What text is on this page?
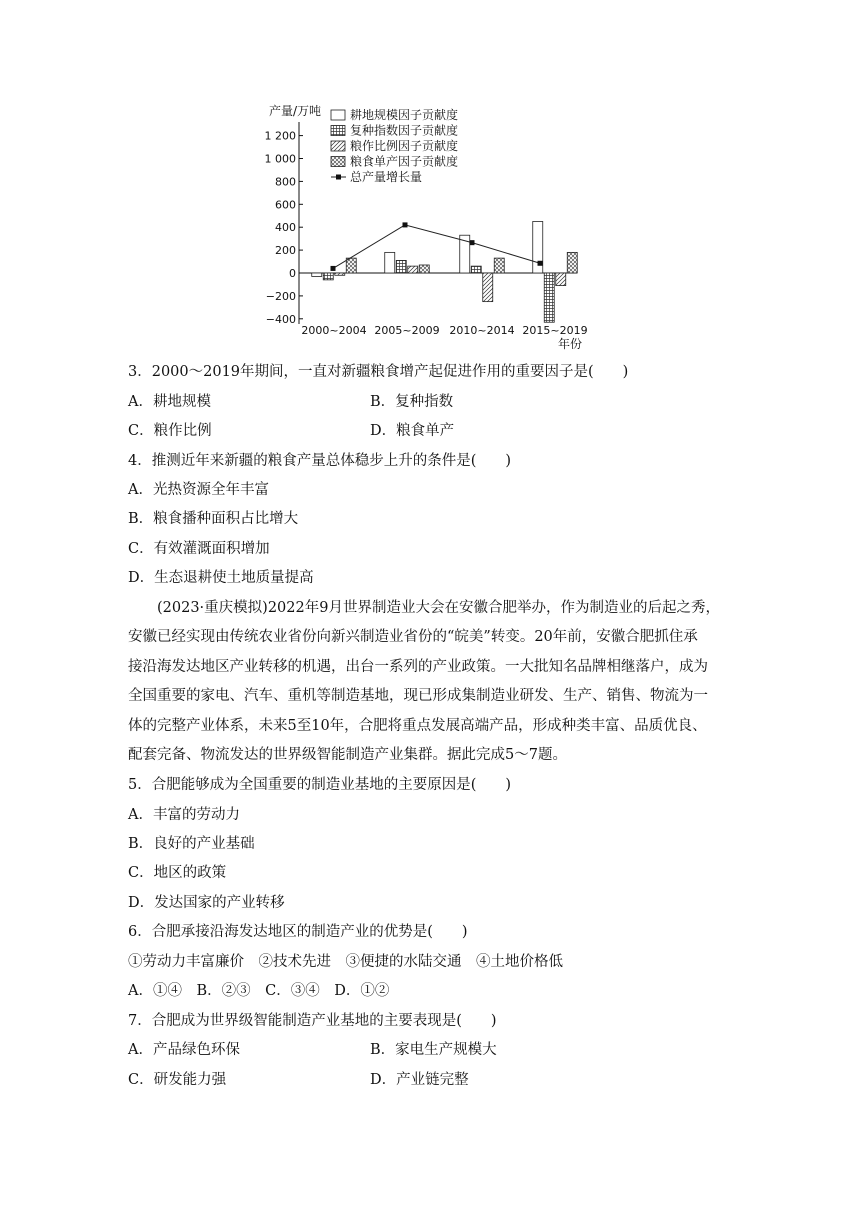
产量/万吨
年份
1 200
1 000
800
600
400
200
0
−200
−400
2000~2004 2005~2009 2010~2014 2015~2019
耕地规模因子贡献度
复种指数因子贡献度
粮作比例因子贡献度
粮食单产因子贡献度
总产量增长量
3．2000～2019年期间，一直对新疆粮食增产起促进作用的重要因子是(　　)
A．耕地规模	B．复种指数
C．粮作比例	D．粮食单产
4．推测近年来新疆的粮食产量总体稳步上升的条件是(　　)
A．光热资源全年丰富
B．粮食播种面积占比增大
C．有效灌溉面积增加
D．生态退耕使土地质量提高
(2023·重庆模拟)2022年9月世界制造业大会在安徽合肥举办，作为制造业的后起之秀，
安徽已经实现由传统农业省份向新兴制造业省份的“皖美”转变。20年前，安徽合肥抓住承
接沿海发达地区产业转移的机遇，出台一系列的产业政策。一大批知名品牌相继落户，成为
全国重要的家电、汽车、重机等制造基地，现已形成集制造业研发、生产、销售、物流为一
体的完整产业体系，未来5至10年，合肥将重点发展高端产品，形成种类丰富、品质优良、
配套完备、物流发达的世界级智能制造产业集群。据此完成5～7题。
5．合肥能够成为全国重要的制造业基地的主要原因是(　　)
A．丰富的劳动力
B．良好的产业基础
C．地区的政策
D．发达国家的产业转移
6．合肥承接沿海发达地区的制造产业的优势是(　　)
①劳动力丰富廉价　②技术先进　③便捷的水陆交通　④土地价格低
A．①④　B．②③　C．③④　D．①②
7．合肥成为世界级智能制造产业基地的主要表现是(　　)
A．产品绿色环保	B．家电生产规模大
C．研发能力强	D．产业链完整
